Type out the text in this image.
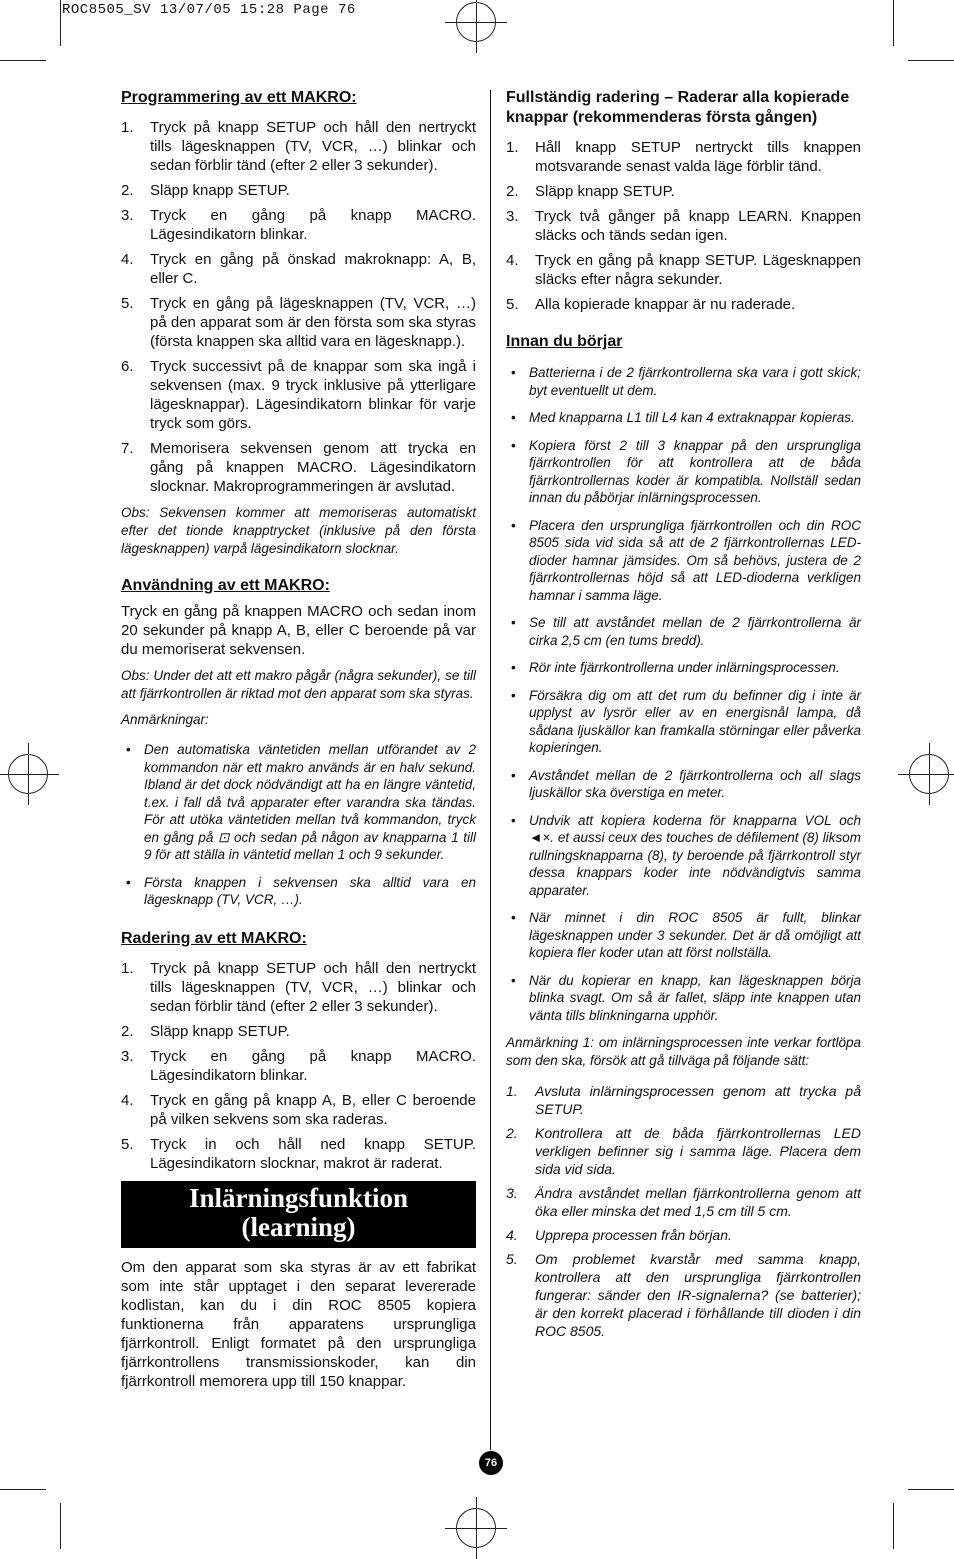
ROC8505_SV 13/07/05 15:28 Page 76
Programmering av ett MAKRO:
1. Tryck på knapp SETUP och håll den nertryckt tills lägesknappen (TV, VCR, …) blinkar och sedan förblir tänd (efter 2 eller 3 sekunder).
2. Släpp knapp SETUP.
3. Tryck en gång på knapp MACRO. Lägesindikatorn blinkar.
4. Tryck en gång på önskad makroknapp: A, B, eller C.
5. Tryck en gång på lägesknappen (TV, VCR, …) på den apparat som är den första som ska styras (första knappen ska alltid vara en lägesknapp.).
6. Tryck successivt på de knappar som ska ingå i sekvensen (max. 9 tryck inklusive på ytterligare lägesknappar). Lägesindikatorn blinkar för varje tryck som görs.
7. Memorisera sekvensen genom att trycka en gång på knappen MACRO. Lägesindikatorn slocknar. Makroprogrammeringen är avslutad.

Obs: Sekvensen kommer att memoriseras automatiskt efter det tionde knapptrycket (inklusive på den första lägesknappen) varpå lägesindikatorn slocknar.

Användning av ett MAKRO:

Tryck en gång på knappen MACRO och sedan inom 20 sekunder på knapp A, B, eller C beroende på var du memoriserat sekvensen.

Obs: Under det att ett makro pågår (några sekunder), se till att fjärrkontrollen är riktad mot den apparat som ska styras.

Anmärkningar:

• Den automatiska väntetiden mellan utförandet av 2 kommandon när ett makro används är en halv sekund. Ibland är det dock nödvändigt att ha en längre väntetid, t.ex. i fall då två apparater efter varandra ska tändas. För att utöka väntetiden mellan två kommandon, tryck en gång på ⊡ och sedan på någon av knapparna 1 till 9 för att ställa in väntetid mellan 1 och 9 sekunder.
• Första knappen i sekvensen ska alltid vara en lägesknapp (TV, VCR, …).
Radering av ett MAKRO:
1. Tryck på knapp SETUP och håll den nertryckt tills lägesknappen (TV, VCR, …) blinkar och sedan förblir tänd (efter 2 eller 3 sekunder).
2. Släpp knapp SETUP.
3. Tryck en gång på knapp MACRO. Lägesindikatorn blinkar.
4. Tryck en gång på knapp A, B, eller C beroende på vilken sekvens som ska raderas.
5. Tryck in och håll ned knapp SETUP. Lägesindikatorn slocknar, makrot är raderat.
Inlärningsfunktion
(learning)

Om den apparat som ska styras är av ett fabrikat som inte står upptaget i den separat levererade kodlistan, kan du i din ROC 8505 kopiera funktionerna från apparatens ursprungliga fjärrkontroll. Enligt formatet på den ursprungliga fjärrkontrollens transmissionskoder, kan din fjärrkontroll memorera upp till 150 knappar.

Fullständig radering – Raderar alla kopierade knappar (rekommenderas första gången)
1. Håll knapp SETUP nertryckt tills knappen motsvarande senast valda läge förblir tänd.
2. Släpp knapp SETUP.
3. Tryck två gånger på knapp LEARN. Knappen släcks och tänds sedan igen.
4. Tryck en gång på knapp SETUP. Lägesknappen släcks efter några sekunder.
5. Alla kopierade knappar är nu raderade.
Innan du börjar
• Batterierna i de 2 fjärrkontrollerna ska vara i gott skick; byt eventuellt ut dem.
• Med knapparna L1 till L4 kan 4 extraknappar kopieras.
• Kopiera först 2 till 3 knappar på den ursprungliga fjärrkontrollen för att kontrollera att de båda fjärrkontrollernas koder är kompatibla. Nollställ sedan innan du påbörjar inlärningsprocessen.
• Placera den ursprungliga fjärrkontrollen och din ROC 8505 sida vid sida så att de 2 fjärrkontrollernas LED-dioder hamnar jämsides. Om så behövs, justera de 2 fjärrkontrollernas höjd så att LED-dioderna verkligen hamnar i samma läge.
• Se till att avståndet mellan de 2 fjärrkontrollerna är cirka 2,5 cm (en tums bredd).
• Rör inte fjärrkontrollerna under inlärningsprocessen.
• Försäkra dig om att det rum du befinner dig i inte är upplyst av lysrör eller av en energisnål lampa, då sådana ljuskällor kan framkalla störningar eller påverka kopieringen.
• Avståndet mellan de 2 fjärrkontrollerna och all slags ljuskällor ska överstiga en meter.
• Undvik att kopiera koderna för knapparna VOL och ◄×. et aussi ceux des touches de défilement (8) liksom rullningsknapparna (8), ty beroende på fjärrkontroll styr dessa knappars koder inte nödvändigtvis samma apparater.
• När minnet i din ROC 8505 är fullt, blinkar lägesknappen under 3 sekunder. Det är då omöjligt att kopiera fler koder utan att först nollställa.
• När du kopierar en knapp, kan lägesknappen börja blinka svagt. Om så är fallet, släpp inte knappen utan vänta tills blinkningarna upphör.

Anmärkning 1: om inlärningsprocessen inte verkar fortlöpa som den ska, försök att gå tillväga på följande sätt:

1. Avsluta inlärningsprocessen genom att trycka på SETUP.
2. Kontrollera att de båda fjärrkontrollernas LED verkligen befinner sig i samma läge. Placera dem sida vid sida.
3. Ändra avståndet mellan fjärrkontrollerna genom att öka eller minska det med 1,5 cm till 5 cm.
4. Upprepa processen från början.
5. Om problemet kvarstår med samma knapp, kontrollera att den ursprungliga fjärrkontrollen fungerar: sänder den IR-signalerna? (se batterier); är den korrekt placerad i förhållande till dioden i din ROC 8505.
76
